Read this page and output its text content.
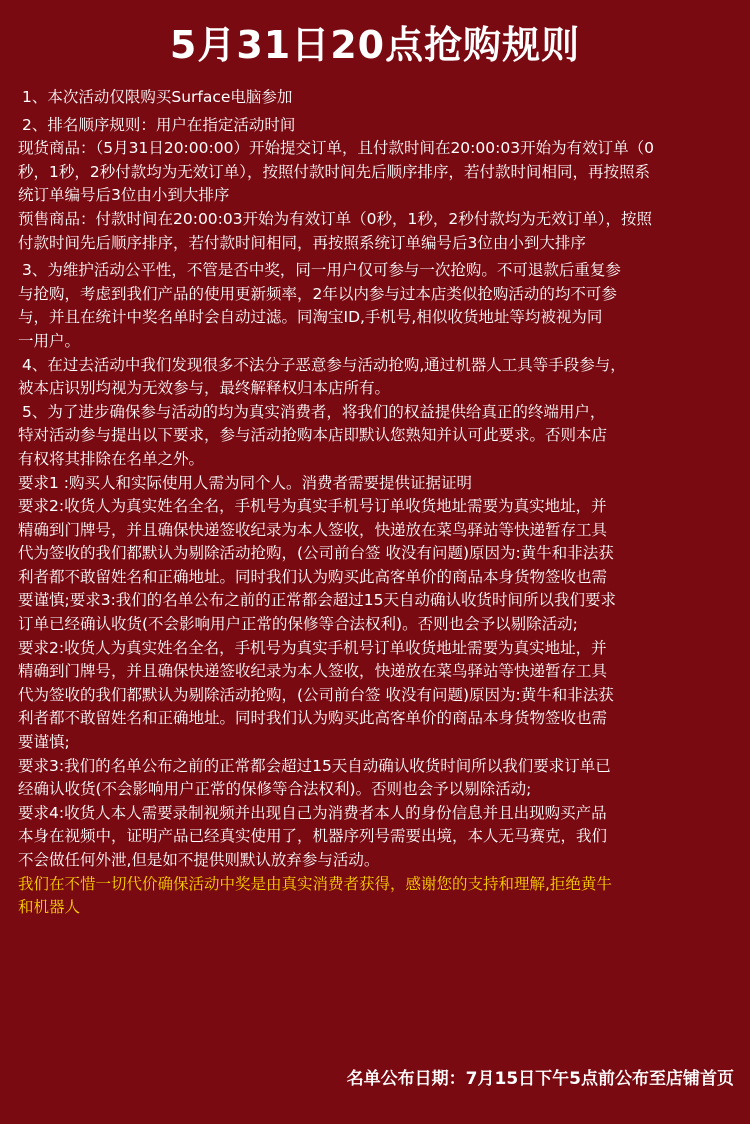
5月31日20点抢购规则
1、本次活动仅限购买Surface电脑参加
2、排名顺序规则：用户在指定活动时间
现货商品：（5月31日20:00:00）开始提交订单，且付款时间在20:00:03开始为有效订单（0
秒，1秒，2秒付款均为无效订单），按照付款时间先后顺序排序，若付款时间相同，再按照系
统订单编号后3位由小到大排序
预售商品：付款时间在20:00:03开始为有效订单（0秒，1秒，2秒付款均为无效订单），按照
付款时间先后顺序排序，若付款时间相同，再按照系统订单编号后3位由小到大排序
3、为维护活动公平性，不管是否中奖，同一用户仅可参与一次抢购。不可退款后重复参
与抢购，考虑到我们产品的使用更新频率，2年以内参与过本店类似抢购活动的均不可参
与，并且在统计中奖名单时会自动过滤。同淘宝ID,手机号,相似收货地址等均被视为同
一用户。
4、在过去活动中我们发现很多不法分子恶意参与活动抢购,通过机器人工具等手段参与，
被本店识别均视为无效参与，最终解释权归本店所有。
5、为了进步确保参与活动的均为真实消费者，将我们的权益提供给真正的终端用户，
特对活动参与提出以下要求，参与活动抢购本店即默认您熟知并认可此要求。否则本店
有权将其排除在名单之外。
要求1 :购买人和实际使用人需为同个人。消费者需要提供证据证明
要求2:收货人为真实姓名全名，手机号为真实手机号订单收货地址需要为真实地址，并
精确到门牌号，并且确保快递签收纪录为本人签收，快递放在菜鸟驿站等快递暂存工具
代为签收的我们都默认为剔除活动抢购，(公司前台签 收没有问题)原因为:黄牛和非法获
利者都不敢留姓名和正确地址。同时我们认为购买此高客单价的商品本身货物签收也需
要谨慎;要求3:我们的名单公布之前的正常都会超过15天自动确认收货时间所以我们要求
订单已经确认收货(不会影响用户正常的保修等合法权利)。否则也会予以剔除活动;
要求2:收货人为真实姓名全名，手机号为真实手机号订单收货地址需要为真实地址，并
精确到门牌号，并且确保快递签收纪录为本人签收，快递放在菜鸟驿站等快递暂存工具
代为签收的我们都默认为剔除活动抢购，(公司前台签 收没有问题)原因为:黄牛和非法获
利者都不敢留姓名和正确地址。同时我们认为购买此高客单价的商品本身货物签收也需
要谨慎;
要求3:我们的名单公布之前的正常都会超过15天自动确认收货时间所以我们要求订单已
经确认收货(不会影响用户正常的保修等合法权利)。否则也会予以剔除活动;
要求4:收货人本人需要录制视频并出现自己为消费者本人的身份信息并且出现购买产品
本身在视频中，证明产品已经真实使用了，机器序列号需要出境，本人无马赛克，我们
不会做任何外泄,但是如不提供则默认放弃参与活动。
我们在不惜一切代价确保活动中奖是由真实消费者获得，感谢您的支持和理解,拒绝黄牛
和机器人

名单公布日期：7月15日下午5点前公布至店铺首页
